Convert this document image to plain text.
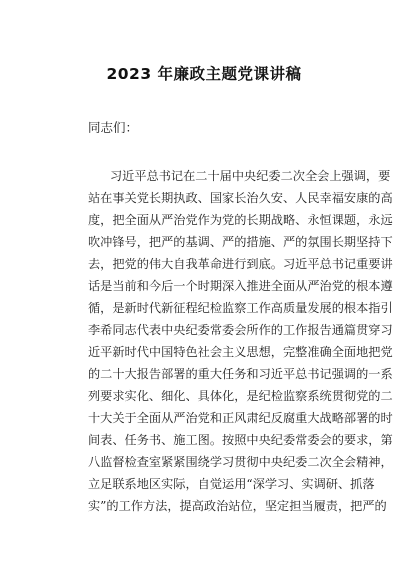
2023 年廉政主题党课讲稿
同志们：
习近平总书记在二十届中央纪委二次全会上强调，要
站在事关党长期执政、国家长治久安、人民幸福安康的高
度，把全面从严治党作为党的长期战略、永恒课题，永远
吹冲锋号，把严的基调、严的措施、严的氛围长期坚持下
去，把党的伟大自我革命进行到底。习近平总书记重要讲
话是当前和今后一个时期深入推进全面从严治党的根本遵
循，是新时代新征程纪检监察工作高质量发展的根本指引
李希同志代表中央纪委常委会所作的工作报告通篇贯穿习
近平新时代中国特色社会主义思想，完整准确全面地把党
的二十大报告部署的重大任务和习近平总书记强调的一系
列要求实化、细化、具体化，是纪检监察系统贯彻党的二
十大关于全面从严治党和正风肃纪反腐重大战略部署的时
间表、任务书、施工图。按照中央纪委常委会的要求，第
八监督检查室紧紧围绕学习贯彻中央纪委二次全会精神，
立足联系地区实际，自觉运用“深学习、实调研、抓落
实”的工作方法，提高政治站位，坚定担当履责，把严的
